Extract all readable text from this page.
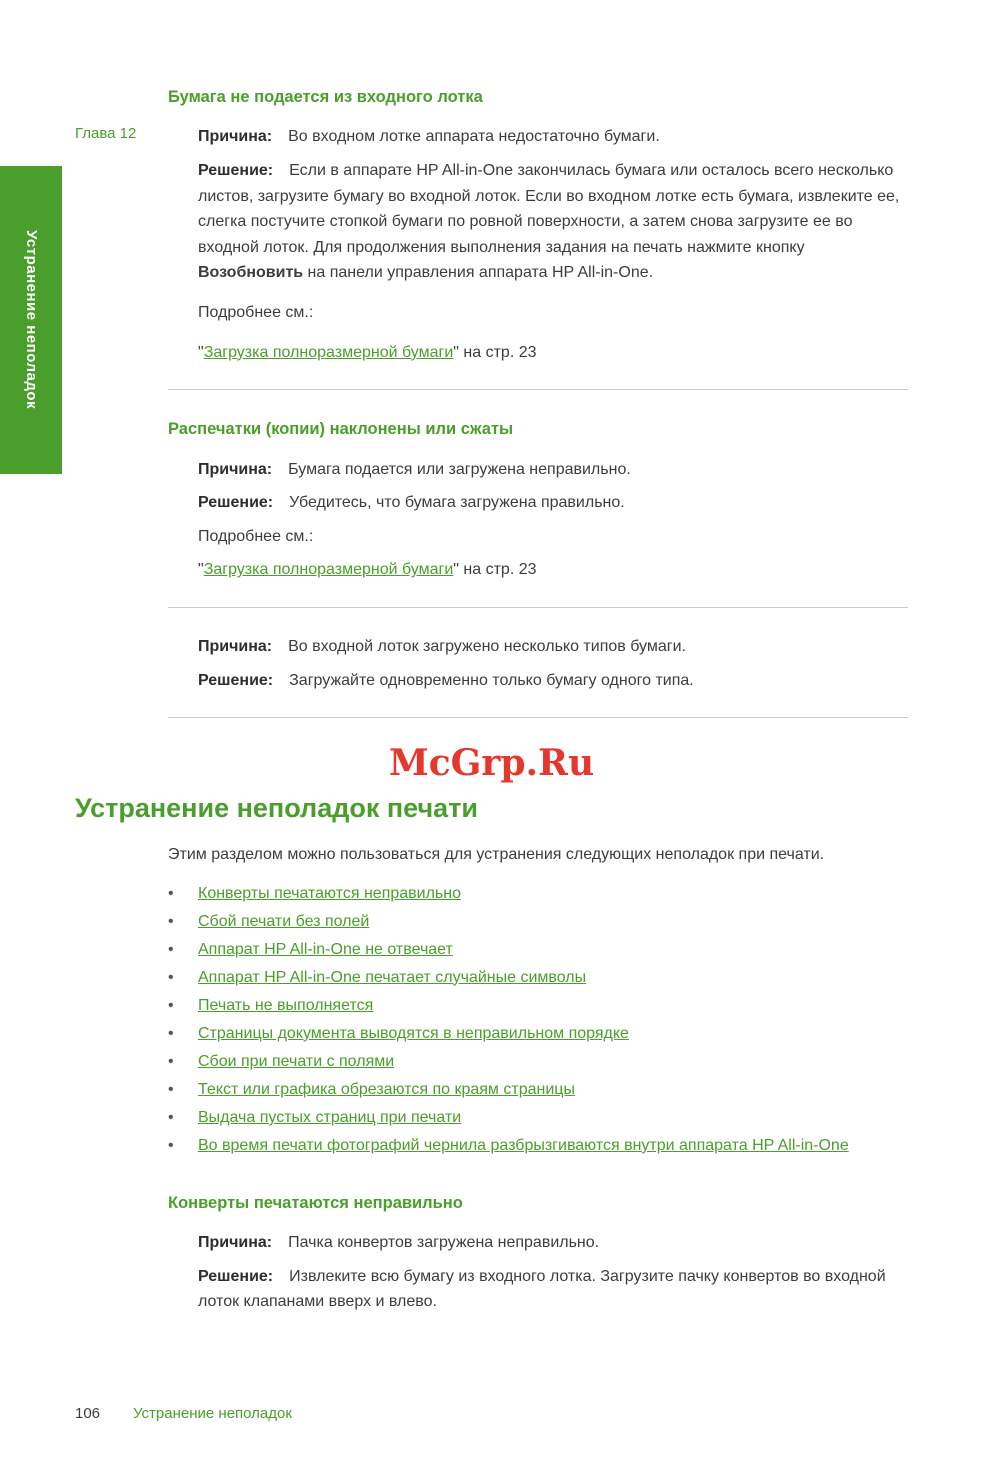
Глава 12
Устранение неполадок
Бумага не подается из входного лотка

Причина: Во входном лотке аппарата недостаточно бумаги.

Решение: Если в аппарате HP All-in-One закончилась бумага или осталось всего несколько листов, загрузите бумагу во входной лоток. Если во входном лотке есть бумага, извлеките ее, слегка постучите стопкой бумаги по ровной поверхности, а затем снова загрузите ее во входной лоток. Для продолжения выполнения задания на печать нажмите кнопку Возобновить на панели управления аппарата HP All-in-One.

Подробнее см.:

"Загрузка полноразмерной бумаги" на стр. 23

Распечатки (копии) наклонены или сжаты

Причина: Бумага подается или загружена неправильно.

Решение: Убедитесь, что бумага загружена правильно.

Подробнее см.:

"Загрузка полноразмерной бумаги" на стр. 23

Причина: Во входной лоток загружено несколько типов бумаги.

Решение: Загружайте одновременно только бумагу одного типа.

McGrp.Ru
Устранение неполадок печати

Этим разделом можно пользоваться для устранения следующих неполадок при печати.

•	Конверты печатаются неправильно
•	Сбой печати без полей
•	Аппарат HP All-in-One не отвечает
•	Аппарат HP All-in-One печатает случайные символы
•	Печать не выполняется
•	Страницы документа выводятся в неправильном порядке
•	Сбои при печати с полями
•	Текст или графика обрезаются по краям страницы
•	Выдача пустых страниц при печати
•	Во время печати фотографий чернила разбрызгиваются внутри аппарата HP All-in-One
Конверты печатаются неправильно

Причина: Пачка конвертов загружена неправильно.

Решение: Извлеките всю бумагу из входного лотка. Загрузите пачку конвертов во входной лоток клапанами вверх и влево.

106 Устранение неполадок
